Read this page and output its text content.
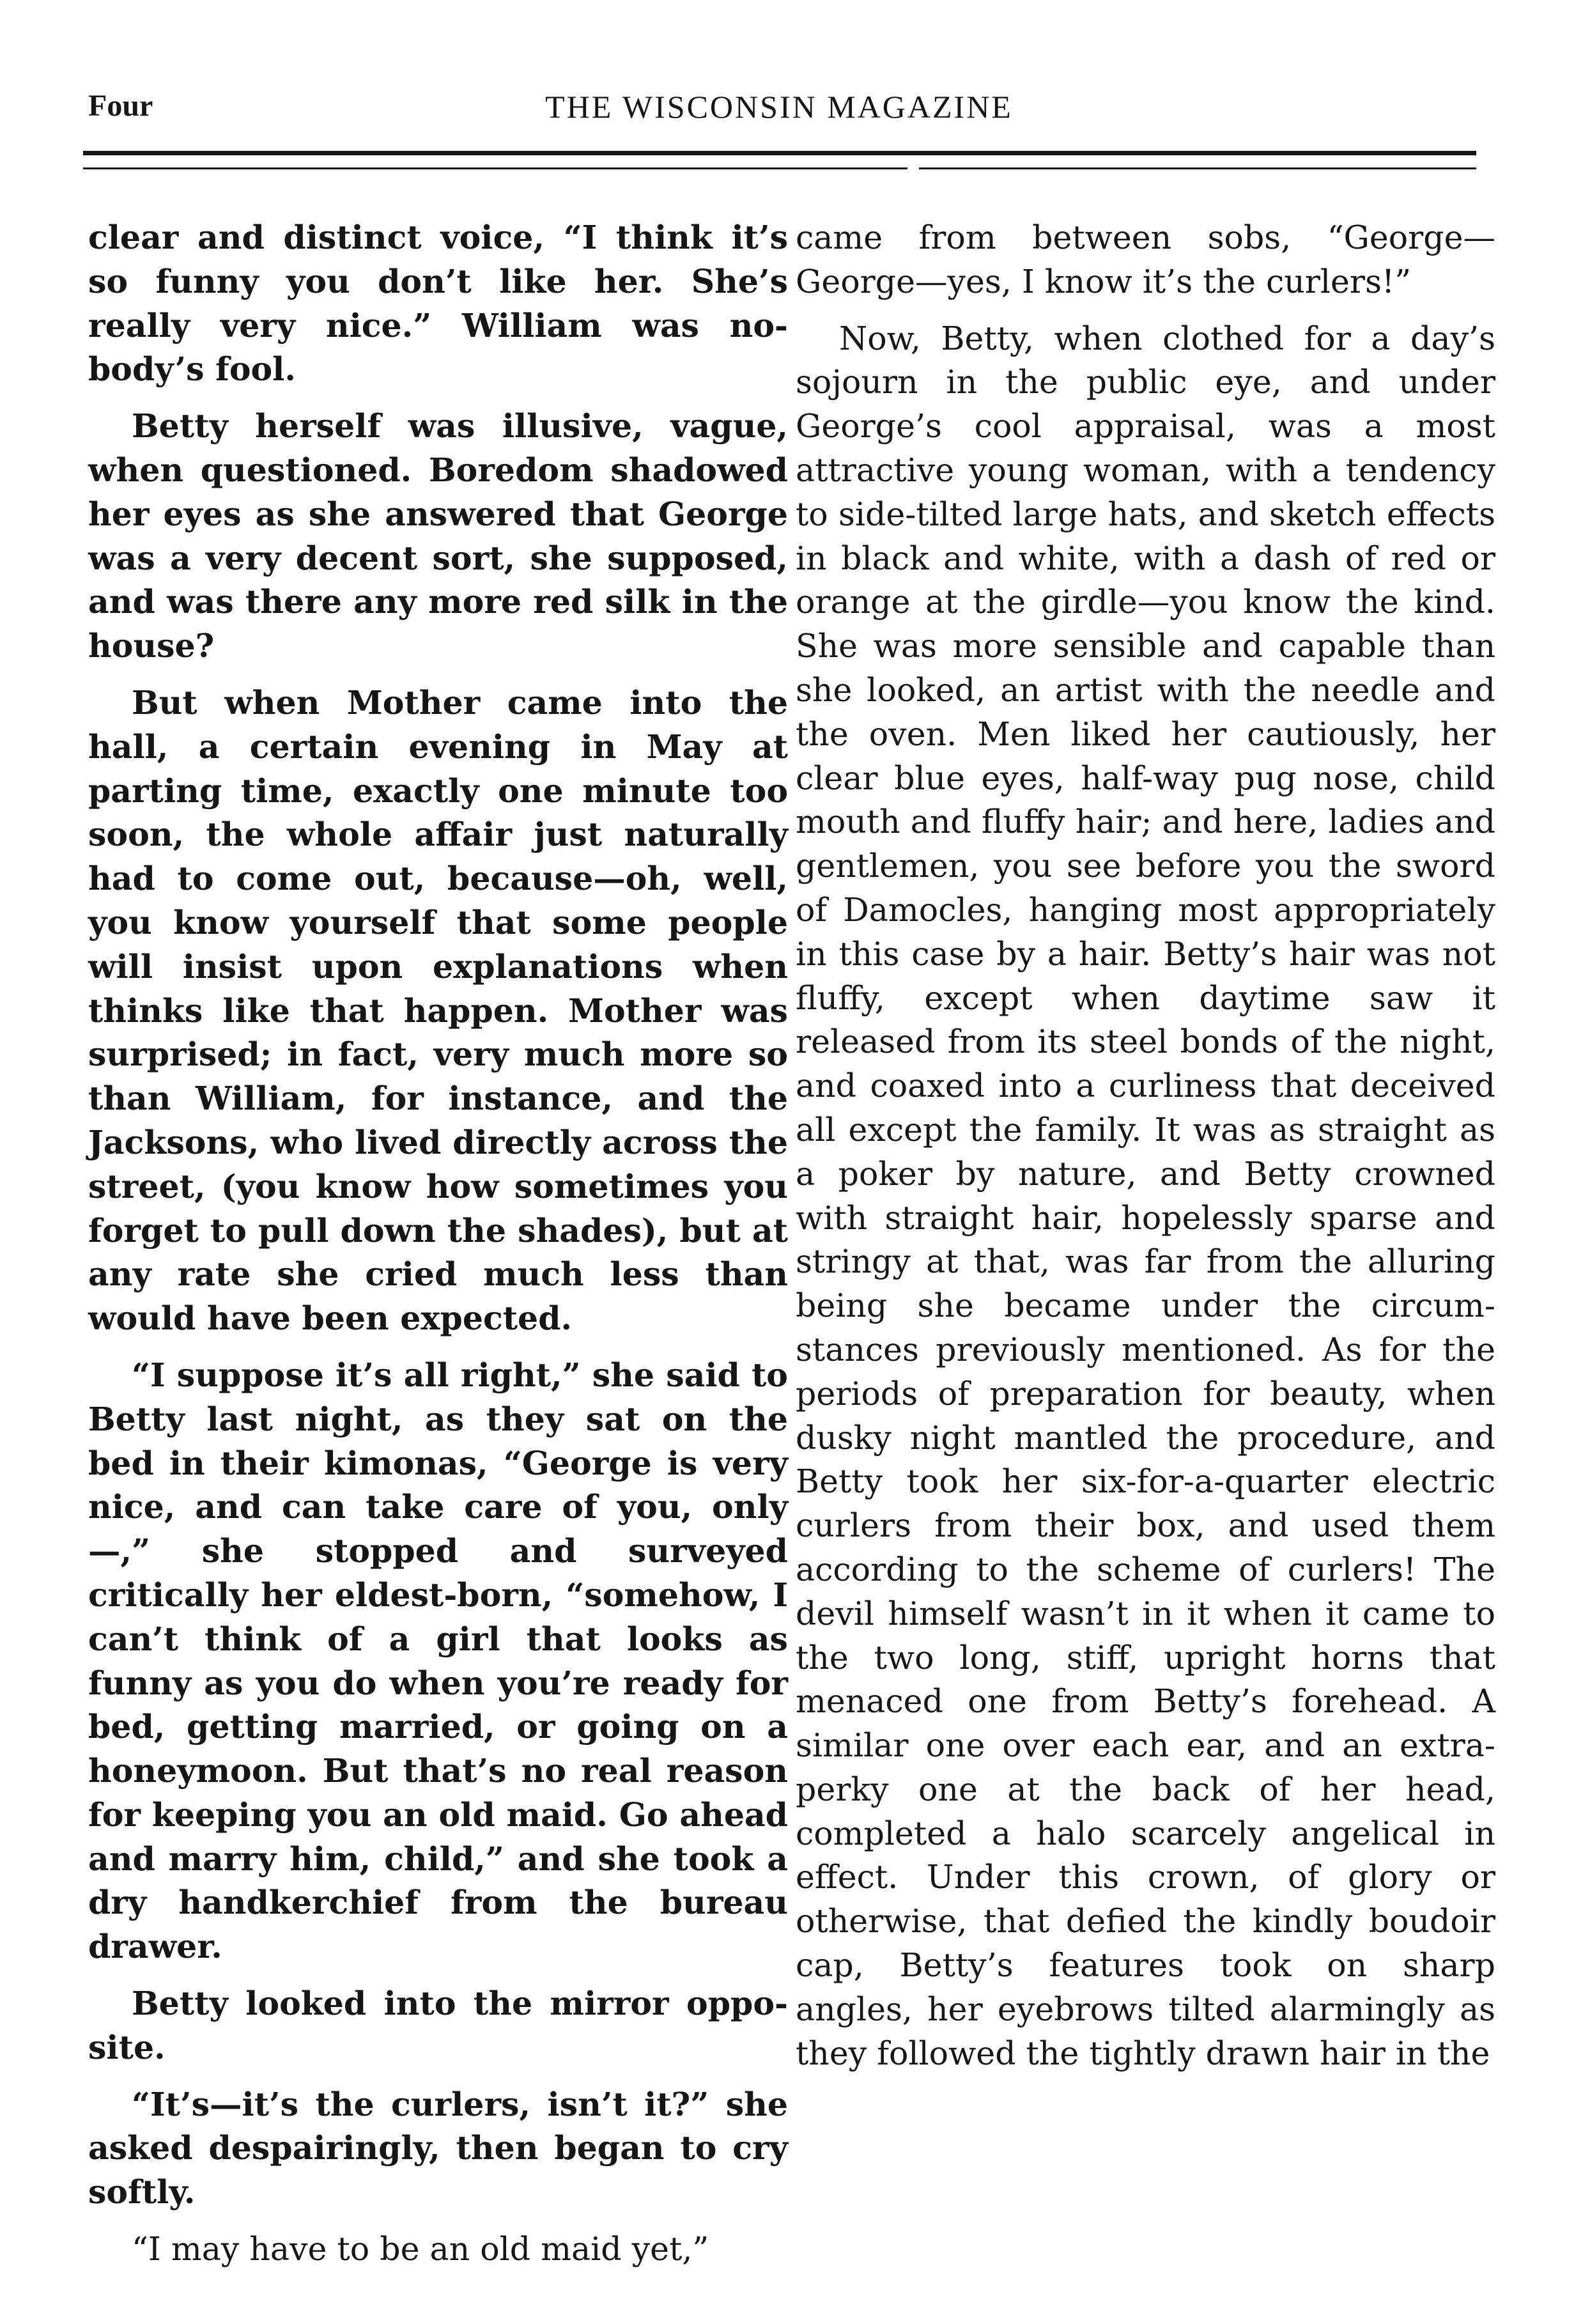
Four	THE WISCONSIN MAGAZINE

clear and distinct voice, “I think it’s so funny you don’t like her. She’s really very nice.” William was nobody’s fool.

Betty herself was illusive, vague, when questioned. Boredom shadowed her eyes as she answered that George was a very decent sort, she supposed, and was there any more red silk in the house?

But when Mother came into the hall, a certain evening in May at parting time, exactly one minute too soon, the whole affair just naturally had to come out, because—oh, well, you know yourself that some people will insist upon explanations when thinks like that happen. Mother was surprised; in fact, very much more so than William, for instance, and the Jacksons, who lived directly across the street, (you know how sometimes you forget to pull down the shades), but at any rate she cried much less than would have been expected.

“I suppose it’s all right,” she said to Betty last night, as they sat on the bed in their kimonas, “George is very nice, and can take care of you, only—,” she stopped and surveyed critically her eldest-born, “somehow, I can’t think of a girl that looks as funny as you do when you’re ready for bed, getting married, or going on a honeymoon. But that’s no real reason for keeping you an old maid. Go ahead and marry him, child,” and she took a dry handkerchief from the bureau drawer.

Betty looked into the mirror opposite.

“It’s—it’s the curlers, isn’t it?” she asked despairingly, then began to cry softly.

“I may have to be an old maid yet,”

came from between sobs, “George—George—yes, I know it’s the curlers!”

Now, Betty, when clothed for a day’s sojourn in the public eye, and under George’s cool appraisal, was a most attractive young woman, with a tendency to side-tilted large hats, and sketch effects in black and white, with a dash of red or orange at the girdle—you know the kind. She was more sensible and capable than she looked, an artist with the needle and the oven. Men liked her cautiously, her clear blue eyes, half-way pug nose, child mouth and fluffy hair; and here, ladies and gentlemen, you see before you the sword of Damocles, hanging most appropriately in this case by a hair. Betty’s hair was not fluffy, except when daytime saw it released from its steel bonds of the night, and coaxed into a curliness that deceived all except the family. It was as straight as a poker by nature, and Betty crowned with straight hair, hopelessly sparse and stringy at that, was far from the alluring being she became under the circumstances previously mentioned. As for the periods of preparation for beauty, when dusky night mantled the procedure, and Betty took her six-for-a-quarter electric curlers from their box, and used them according to the scheme of curlers! The devil himself wasn’t in it when it came to the two long, stiff, upright horns that menaced one from Betty’s forehead. A similar one over each ear, and an extra-perky one at the back of her head, completed a halo scarcely angelical in effect. Under this crown, of glory or otherwise, that defied the kindly boudoir cap, Betty’s features took on sharp angles, her eyebrows tilted alarmingly as they followed the tightly drawn hair in the
